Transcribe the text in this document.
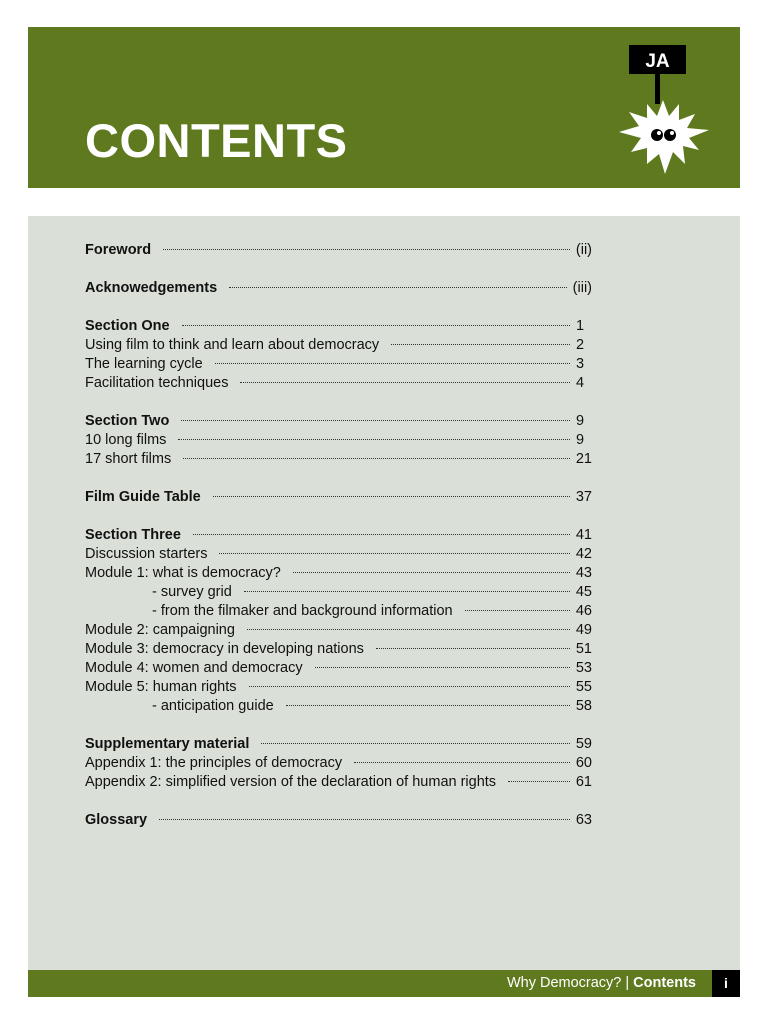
CONTENTS
JA
Foreword	(ii)
Acknowedgements	(iii)
Section One	1
Using film to think and learn about democracy	2
The learning cycle	3
Facilitation techniques	4
Section Two	9
10 long films	9
17 short films	21
Film Guide Table	37
Section Three	41
Discussion starters	42
Module 1: what is democracy?	43
- survey grid	45
- from the filmaker and background information	46
Module 2: campaigning	49
Module 3: democracy in developing nations	51
Module 4: women and democracy	53
Module 5: human rights	55
- anticipation guide	58
Supplementary material	59
Appendix 1: the principles of democracy	60
Appendix 2: simplified version of the declaration of human rights	61
Glossary	63
Why Democracy? | Contents	i
